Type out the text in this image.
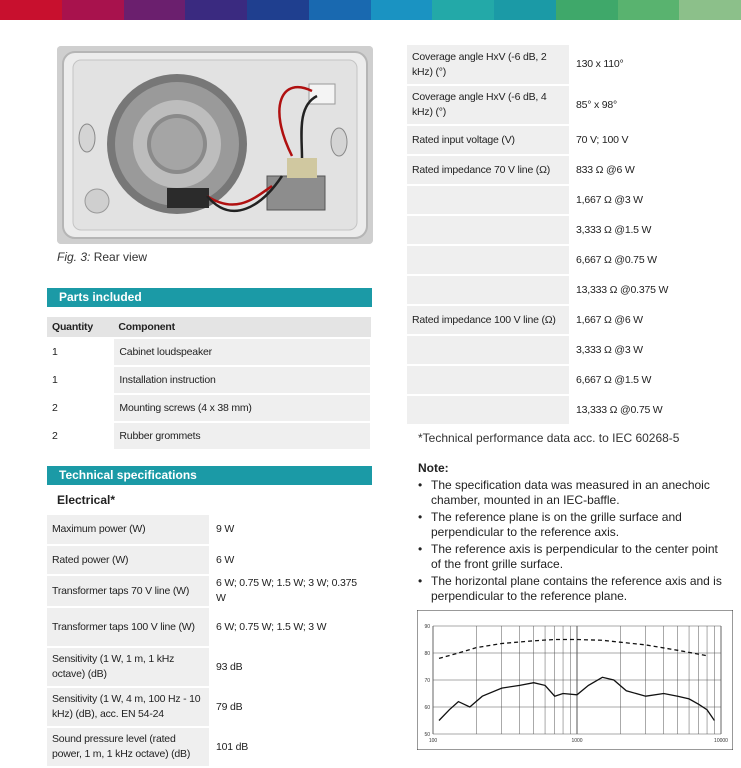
Fig. 3: Rear view
Parts included
Quantity	Component
1	Cabinet loudspeaker
1	Installation instruction
2	Mounting screws (4 x 38 mm)
2	Rubber grommets
Technical specifications
Electrical*
Maximum power (W)	9 W
Rated power (W)	6 W
Transformer taps 70 V line (W)	6 W; 0.75 W; 1.5 W; 3 W; 0.375 W
Transformer taps 100 V line (W)	6 W; 0.75 W; 1.5 W; 3 W
Sensitivity (1 W, 1 m, 1 kHz octave) (dB)	93 dB
Sensitivity (1 W, 4 m, 100 Hz - 10 kHz) (dB), acc. EN 54-24	79 dB
Sound pressure level (rated power, 1 m, 1 kHz octave) (dB)	101 dB
Coverage angle HxV (-6 dB, 2 kHz) (°)	130 x 110°
Coverage angle HxV (-6 dB, 4 kHz) (°)	85° x 98°
Rated input voltage (V)	70 V; 100 V
Rated impedance 70 V line (Ω)	833 Ω @6 W
	1,667 Ω @3 W
	3,333 Ω @1.5 W
	6,667 Ω @0.75 W
	13,333 Ω @0.375 W
Rated impedance 100 V line (Ω)	1,667 Ω @6 W
	3,333 Ω @3 W
	6,667 Ω @1.5 W
	13,333 Ω @0.75 W
*Technical performance data acc. to IEC 60268-5
Note:
• The specification data was measured in an anechoic chamber, mounted in an IEC-baffle.
• The reference plane is on the grille surface and perpendicular to the reference axis.
• The reference axis is perpendicular to the center point of the front grille surface.
• The horizontal plane contains the reference axis and is perpendicular to the reference plane.
50
60
70
80
90
100	1000	10000
